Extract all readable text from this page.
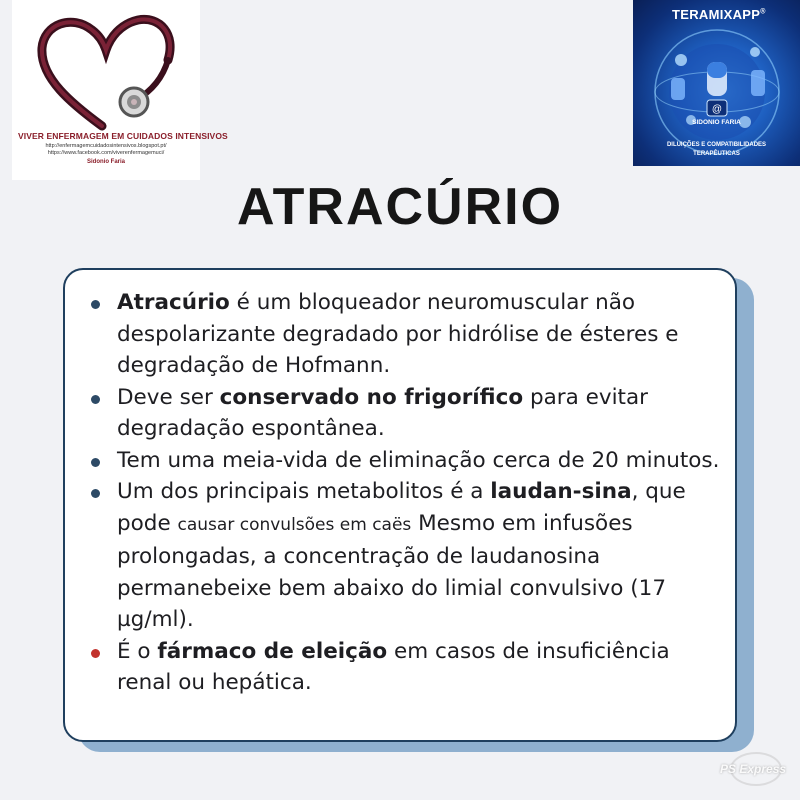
VIVER ENFERMAGEM EM CUIDADOS INTENSIVOS
http://enfermagemcuidadosintensivos.blogspot.pt/
https://www.facebook.com/viverenfermagemuci/
Sidonio Faria
@
TERAMIXAPP®
SIDONIO FARIA
DILUIÇÕES E COMPATIBILIDADES
TERAPÊUTICAS
ATRACÚRIO
Atracúrio é um bloqueador neuromuscular não despolarizante degradado por hidrólise de ésteres e degradação de Hofmann.
Deve ser conservado no frigorífico para evitar degradação espontânea.
Tem uma meia-vida de eliminação cerca de 20 minutos.
Um dos principais metabolitos é a laudan-sina, que pode causar convulsões em caës Mesmo em infusões prolongadas, a concentração de laudanosina permanebeixe bem abaixo do limial convulsivo (17 µg/ml).
É o fármaco de eleição em casos de insuficiência renal ou hepática.
PS Express
